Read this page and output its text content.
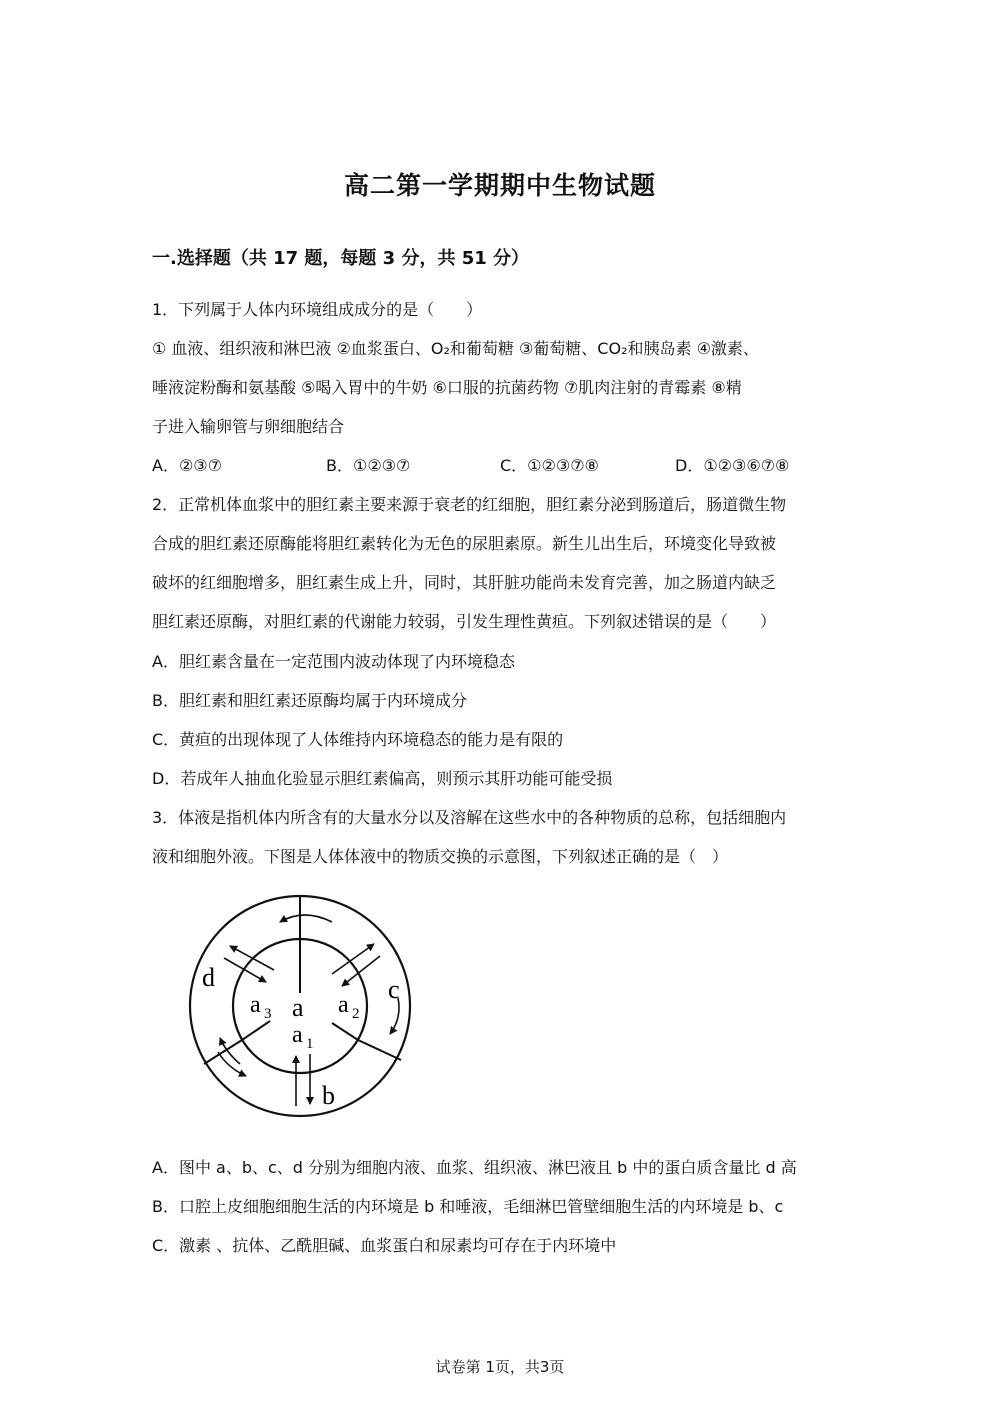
高二第一学期期中生物试题
一.选择题（共 17 题，每题 3 分，共 51 分）
1．下列属于人体内环境组成成分的是（　　）
① 血液、组织液和淋巴液 ②血浆蛋白、O₂和葡萄糖 ③葡萄糖、CO₂和胰岛素 ④激素、
唾液淀粉酶和氨基酸 ⑤喝入胃中的牛奶 ⑥口服的抗菌药物 ⑦肌肉注射的青霉素 ⑧精
子进入输卵管与卵细胞结合
A．②③⑦	B．①②③⑦	C．①②③⑦⑧	D．①②③⑥⑦⑧
2．正常机体血浆中的胆红素主要来源于衰老的红细胞，胆红素分泌到肠道后，肠道微生物
合成的胆红素还原酶能将胆红素转化为无色的尿胆素原。新生儿出生后，环境变化导致被
破坏的红细胞增多，胆红素生成上升，同时，其肝脏功能尚未发育完善，加之肠道内缺乏
胆红素还原酶，对胆红素的代谢能力较弱，引发生理性黄疸。下列叙述错误的是（　　）
A．胆红素含量在一定范围内波动体现了内环境稳态
B．胆红素和胆红素还原酶均属于内环境成分
C．黄疸的出现体现了人体维持内环境稳态的能力是有限的
D．若成年人抽血化验显示胆红素偏高，则预示其肝功能可能受损
3．体液是指机体内所含有的大量水分以及溶解在这些水中的各种物质的总称，包括细胞内
液和细胞外液。下图是人体体液中的物质交换的示意图，下列叙述正确的是（　）
a
a 3	a 2
a 1
d	c
b
A．图中 a、b、c、d 分别为细胞内液、血浆、组织液、淋巴液且 b 中的蛋白质含量比 d 高
B．口腔上皮细胞细胞生活的内环境是 b 和唾液，毛细淋巴管壁细胞生活的内环境是 b、c
C．激素 、抗体、乙酰胆碱、血浆蛋白和尿素均可存在于内环境中
试卷第 1页，共3页
